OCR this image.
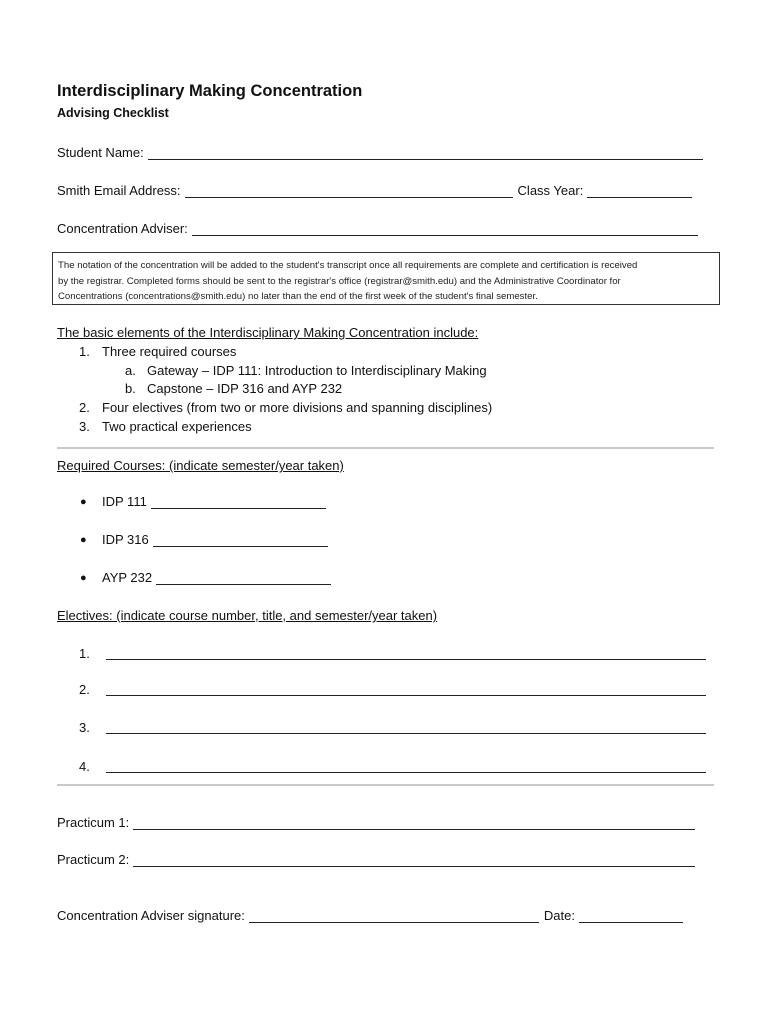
Interdisciplinary Making Concentration
Advising Checklist
Student Name:
Smith Email Address:	Class Year:
Concentration Adviser:
The notation of the concentration will be added to the student's transcript once all requirements are complete and certification is received
by the registrar. Completed forms should be sent to the registrar's office (registrar@smith.edu) and the Administrative Coordinator for
Concentrations (concentrations@smith.edu) no later than the end of the first week of the student's final semester.
The basic elements of the Interdisciplinary Making Concentration include:
1. Three required courses
a. Gateway – IDP 111: Introduction to Interdisciplinary Making
b. Capstone – IDP 316 and AYP 232
2. Four electives (from two or more divisions and spanning disciplines)
3. Two practical experiences
Required Courses: (indicate semester/year taken)
● IDP 111
● IDP 316
● AYP 232
Electives: (indicate course number, title, and semester/year taken)
1.
2.
3.
4.
Practicum 1:
Practicum 2:
Concentration Adviser signature:	Date:
